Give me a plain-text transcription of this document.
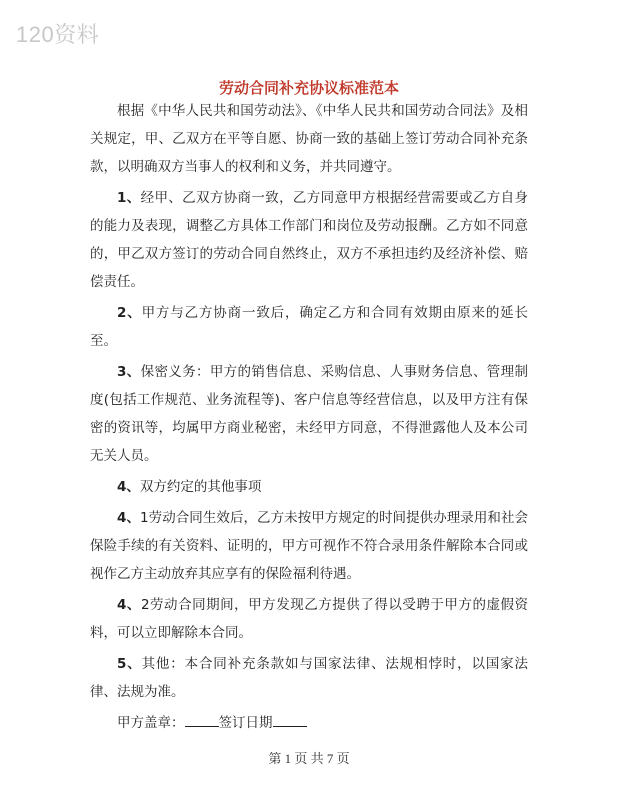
120资料
劳动合同补充协议标准范本

根据《中华人民共和国劳动法》、《中华人民共和国劳动合同法》及相关规定，甲、乙双方在平等自愿、协商一致的基础上签订劳动合同补充条款，以明确双方当事人的权利和义务，并共同遵守。

1、经甲、乙双方协商一致，乙方同意甲方根据经营需要或乙方自身的能力及表现，调整乙方具体工作部门和岗位及劳动报酬。乙方如不同意的，甲乙双方签订的劳动合同自然终止，双方不承担违约及经济补偿、赔偿责任。

2、甲方与乙方协商一致后，确定乙方和合同有效期由原来的延长至。

3、保密义务：甲方的销售信息、采购信息、人事财务信息、管理制度(包括工作规范、业务流程等)、客户信息等经营信息，以及甲方注有保密的资讯等，均属甲方商业秘密，未经甲方同意，不得泄露他人及本公司无关人员。

4、双方约定的其他事项

4、1劳动合同生效后，乙方未按甲方规定的时间提供办理录用和社会保险手续的有关资料、证明的，甲方可视作不符合录用条件解除本合同或视作乙方主动放弃其应享有的保险福利待遇。

4、2劳动合同期间，甲方发现乙方提供了得以受聘于甲方的虚假资料，可以立即解除本合同。

5、其他：本合同补充条款如与国家法律、法规相悖时，以国家法律、法规为准。

甲方盖章：	签订日期

第 1 页 共 7 页
